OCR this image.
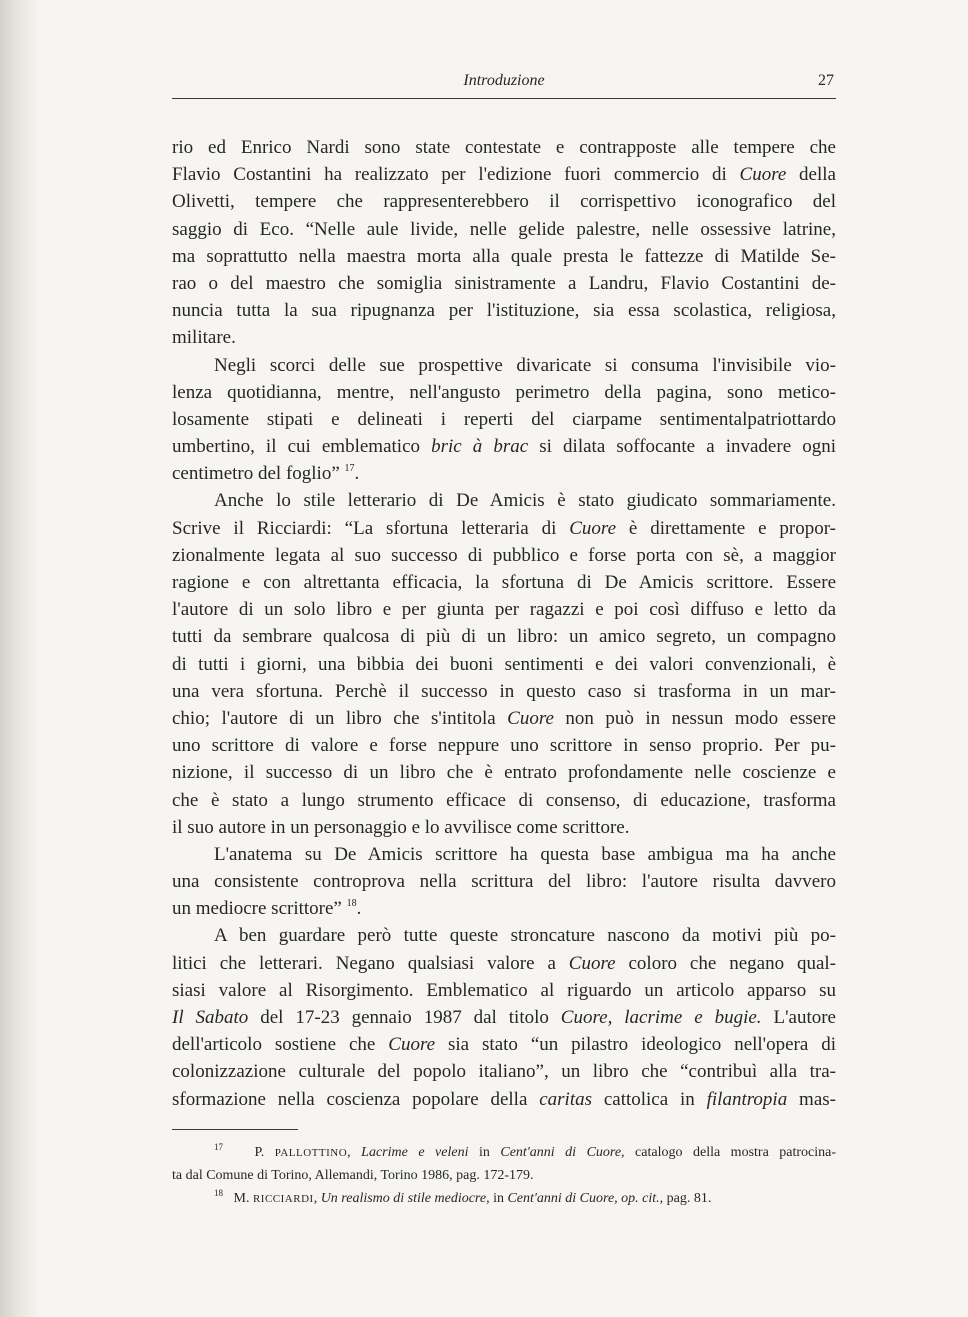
Introduzione	27
rio ed Enrico Nardi sono state contestate e contrapposte alle tempere che
Flavio Costantini ha realizzato per l'edizione fuori commercio di Cuore della
Olivetti, tempere che rappresenterebbero il corrispettivo iconografico del
saggio di Eco. “Nelle aule livide, nelle gelide palestre, nelle ossessive latrine,
ma soprattutto nella maestra morta alla quale presta le fattezze di Matilde Se-
rao o del maestro che somiglia sinistramente a Landru, Flavio Costantini de-
nuncia tutta la sua ripugnanza per l'istituzione, sia essa scolastica, religiosa,
militare.
Negli scorci delle sue prospettive divaricate si consuma l'invisibile vio-
lenza quotidianna, mentre, nell'angusto perimetro della pagina, sono metico-
losamente stipati e delineati i reperti del ciarpame sentimentalpatriottardo
umbertino, il cui emblematico bric à brac si dilata soffocante a invadere ogni
centimetro del foglio” $^{17}$.
Anche lo stile letterario di De Amicis è stato giudicato sommariamente.
Scrive il Ricciardi: “La sfortuna letteraria di Cuore è direttamente e propor-
zionalmente legata al suo successo di pubblico e forse porta con sè, a maggior
ragione e con altrettanta efficacia, la sfortuna di De Amicis scrittore. Essere
l'autore di un solo libro e per giunta per ragazzi e poi così diffuso e letto da
tutti da sembrare qualcosa di più di un libro: un amico segreto, un compagno
di tutti i giorni, una bibbia dei buoni sentimenti e dei valori convenzionali, è
una vera sfortuna. Perchè il successo in questo caso si trasforma in un mar-
chio; l'autore di un libro che s'intitola Cuore non può in nessun modo essere
uno scrittore di valore e forse neppure uno scrittore in senso proprio. Per pu-
nizione, il successo di un libro che è entrato profondamente nelle coscienze e
che è stato a lungo strumento efficace di consenso, di educazione, trasforma
il suo autore in un personaggio e lo avvilisce come scrittore.
L'anatema su De Amicis scrittore ha questa base ambigua ma ha anche
una consistente controprova nella scrittura del libro: l'autore risulta davvero
un mediocre scrittore” $^{18}$.
A ben guardare però tutte queste stroncature nascono da motivi più po-
litici che letterari. Negano qualsiasi valore a Cuore coloro che negano qual-
siasi valore al Risorgimento. Emblematico al riguardo un articolo apparso su
Il Sabato del 17-23 gennaio 1987 dal titolo Cuore, lacrime e bugie. L'autore
dell'articolo sostiene che Cuore sia stato “un pilastro ideologico nell'opera di
colonizzazione culturale del popolo italiano”, un libro che “contribuì alla tra-
sformazione nella coscienza popolare della caritas cattolica in filantropia mas-
$^{17}$ P. PALLOTTINO, Lacrime e veleni in Cent'anni di Cuore, catalogo della mostra patrocina-
ta dal Comune di Torino, Allemandi, Torino 1986, pag. 172-179.
$^{18}$ M. RICCIARDI, Un realismo di stile mediocre, in Cent'anni di Cuore, op. cit., pag. 81.
